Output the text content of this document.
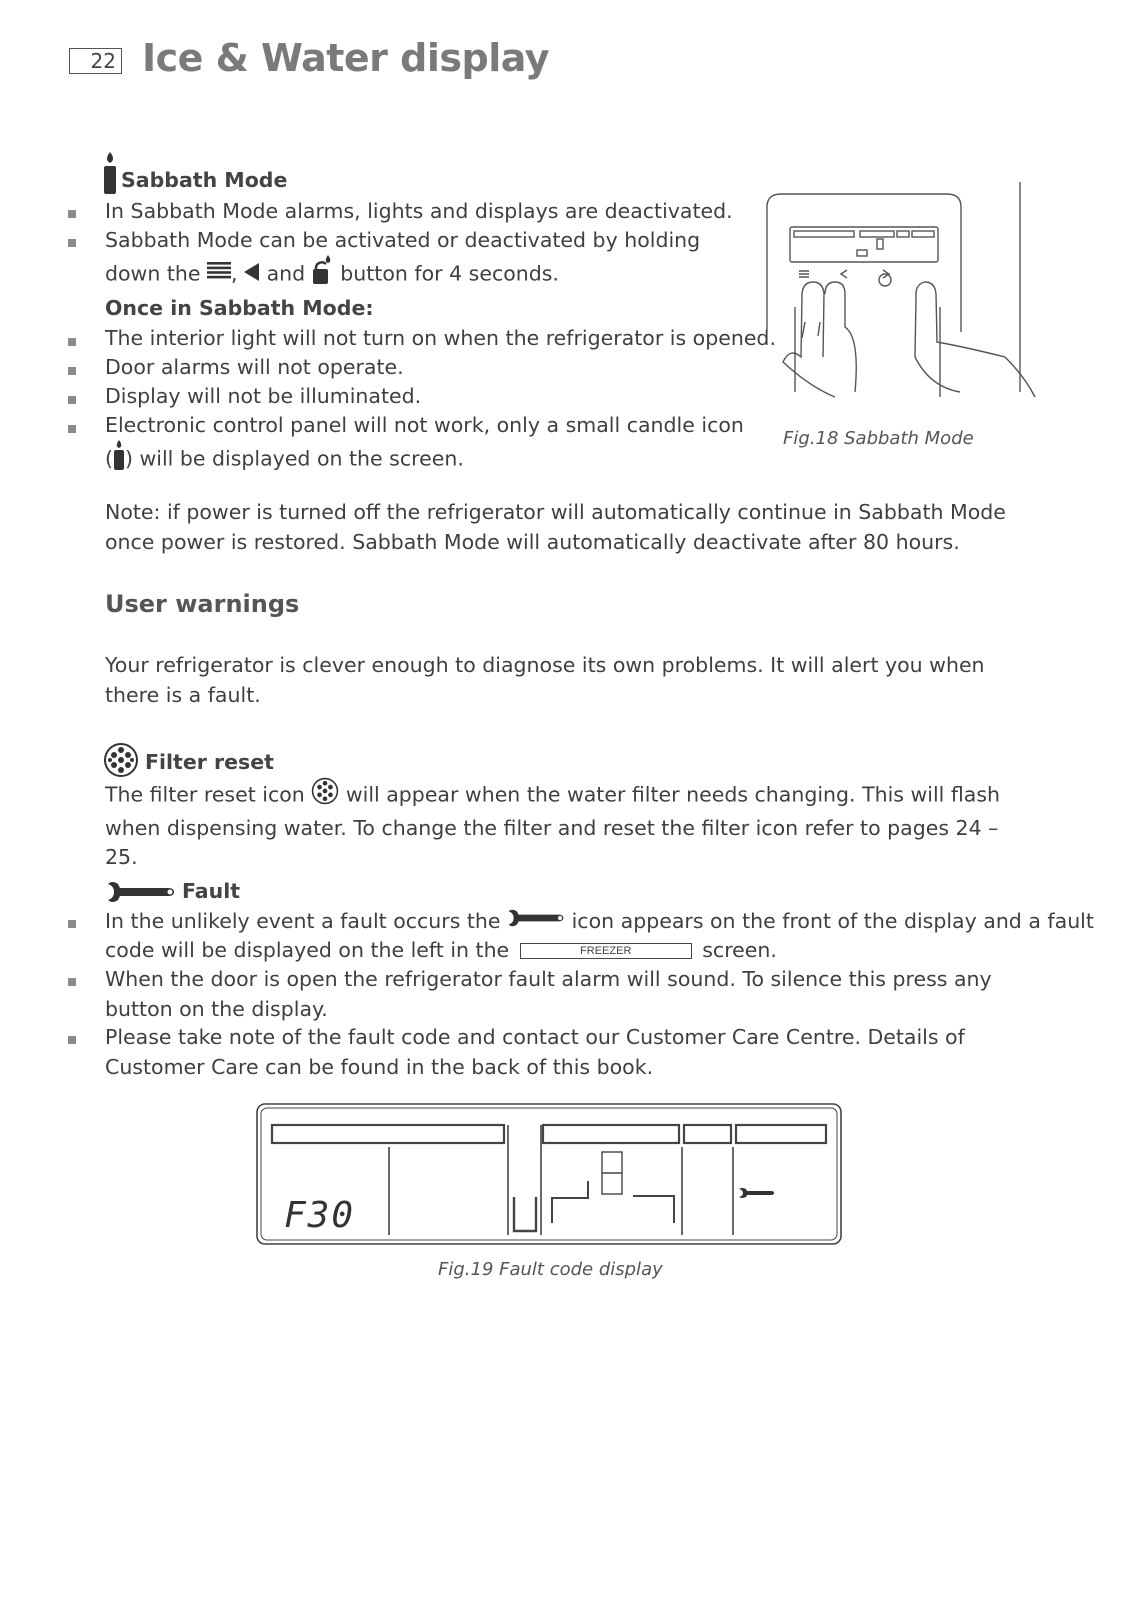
22 Ice & Water display
Sabbath Mode
In Sabbath Mode alarms, lights and displays are deactivated.
Sabbath Mode can be activated or deactivated by holding
down the , and button for 4 seconds.
Once in Sabbath Mode:
The interior light will not turn on when the refrigerator is opened.
Door alarms will not operate.
Display will not be illuminated.
Electronic control panel will not work, only a small candle icon
( ) will be displayed on the screen.
Fig.18 Sabbath Mode
Note: if power is turned off the refrigerator will automatically continue in Sabbath Mode once power is restored. Sabbath Mode will automatically deactivate after 80 hours.
User warnings
Your refrigerator is clever enough to diagnose its own problems. It will alert you when there is a fault.
Filter reset
The filter reset icon will appear when the water filter needs changing. This will flash when dispensing water. To change the filter and reset the filter icon refer to pages 24 – 25.
Fault
In the unlikely event a fault occurs the	icon appears on the front of the display and a fault
code will be displayed on the left in the	FREEZER	screen.
When the door is open the refrigerator fault alarm will sound. To silence this press any button on the display.
Please take note of the fault code and contact our Customer Care Centre. Details of Customer Care can be found in the back of this book.
F30
Fig.19 Fault code display
